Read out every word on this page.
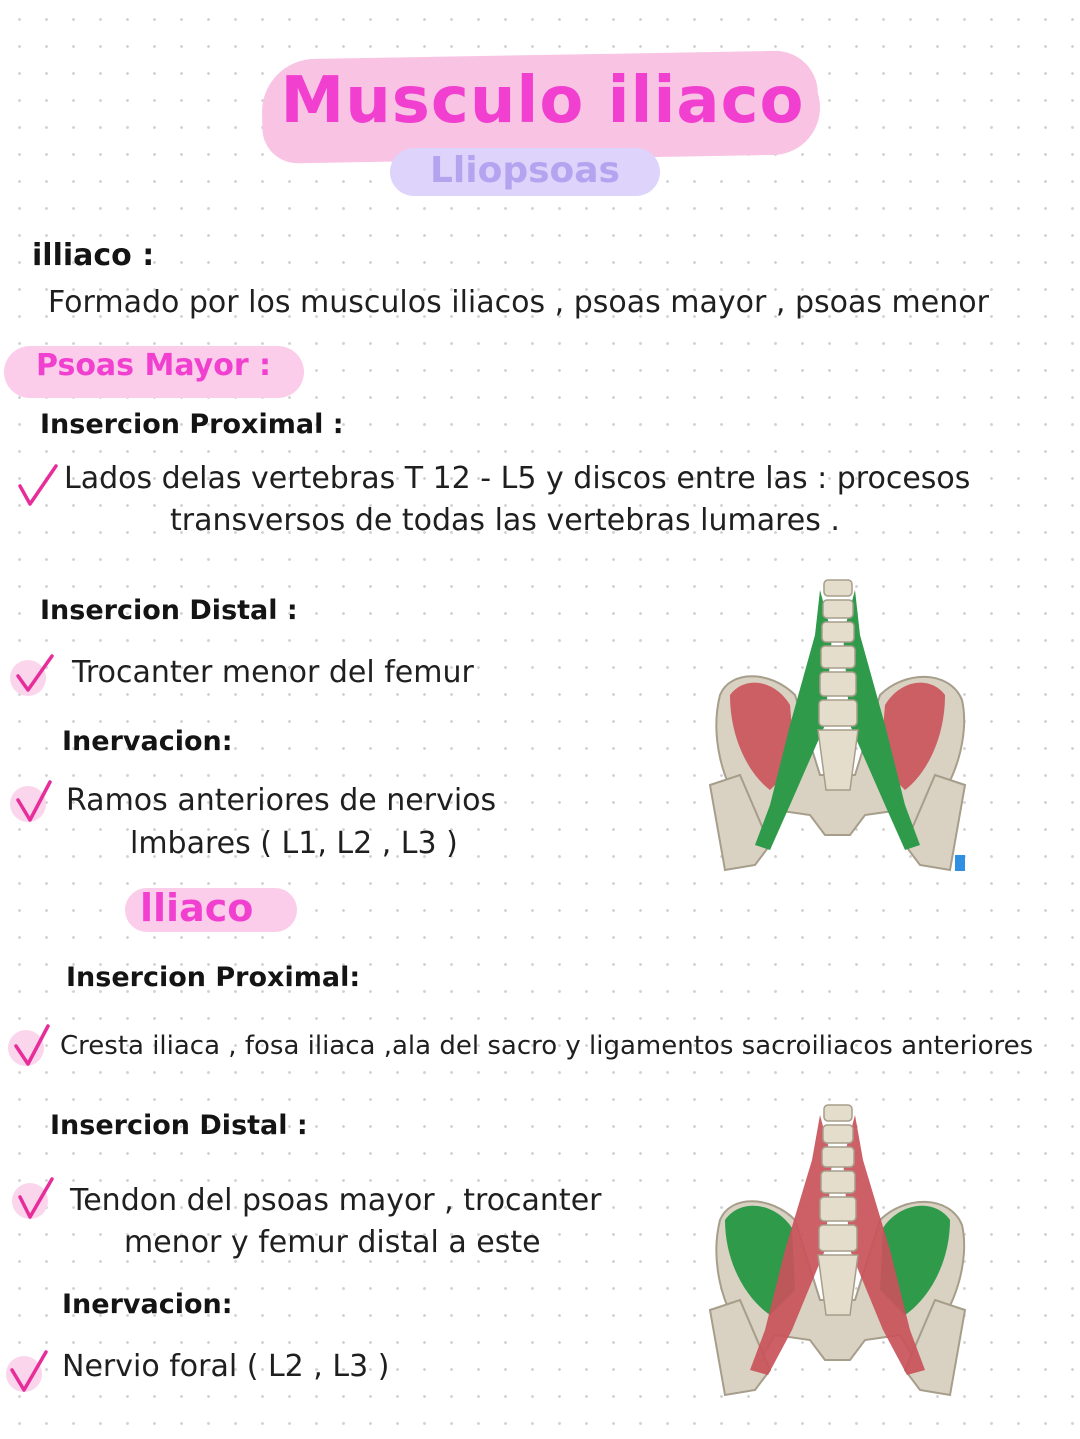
Musculo iliaco
Lliopsoas
illiaco :
Formado por los musculos iliacos , psoas mayor , psoas menor
Psoas Mayor :
Insercion Proximal :
Lados delas vertebras T 12 - L5 y discos entre las : procesos
transversos de todas las vertebras lumares .
Insercion Distal :
Trocanter menor del femur
Inervacion:
Ramos anteriores de nervios
lmbares ( L1, L2 , L3 )
lliaco
Insercion Proximal:
Cresta iliaca , fosa iliaca ,ala del sacro y ligamentos sacroiliacos anteriores
Insercion Distal :
Tendon del psoas mayor , trocanter
menor y femur distal a este
Inervacion:
Nervio foral ( L2 , L3 )
